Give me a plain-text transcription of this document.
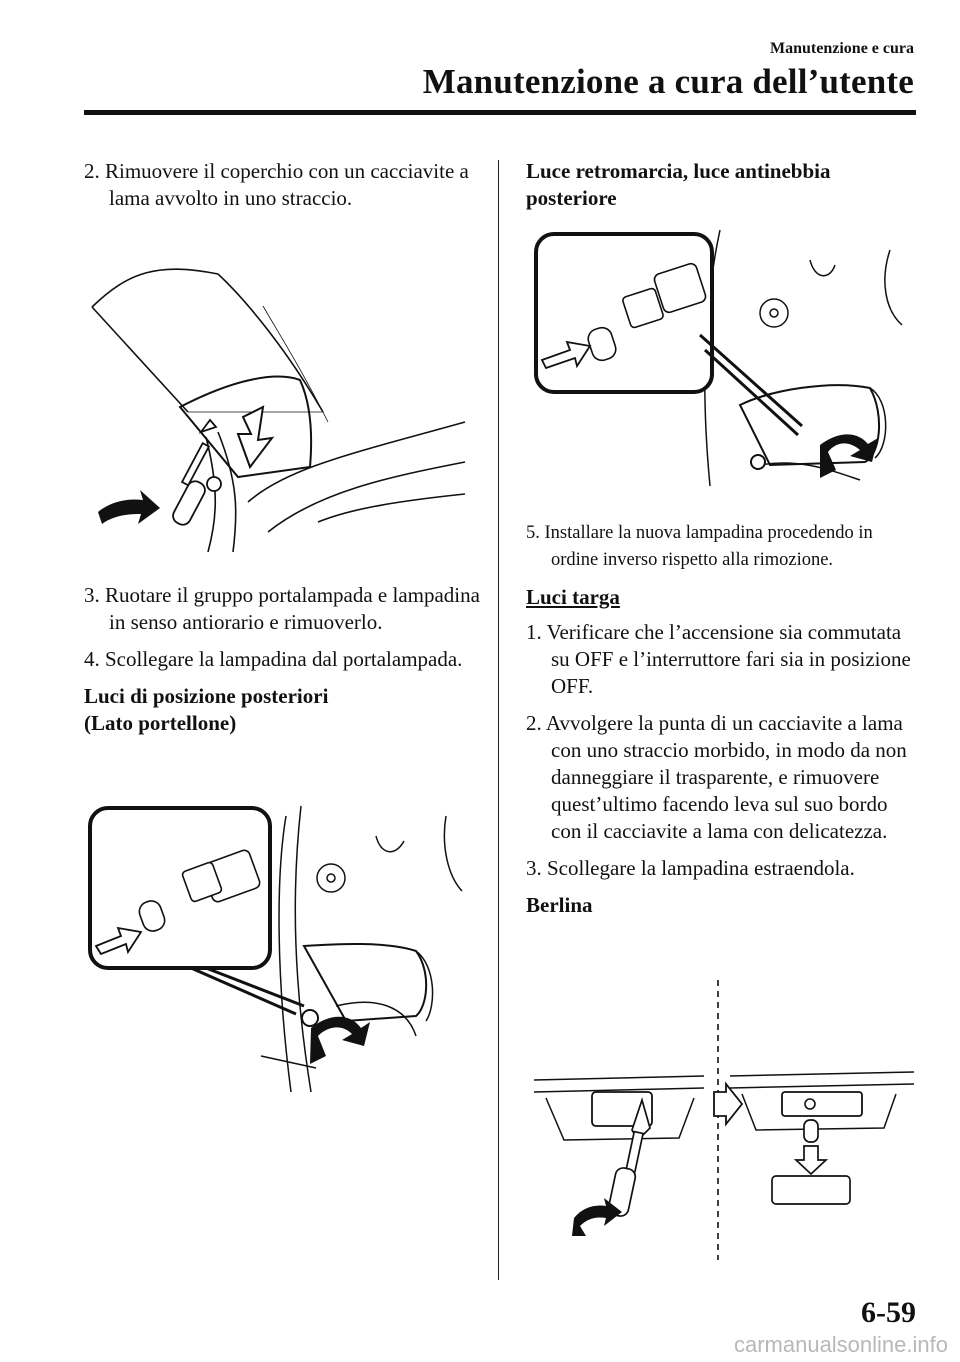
Manutenzione e cura
Manutenzione a cura dell’utente

2. Rimuovere il coperchio con un cacciavite a lama avvolto in uno straccio.

3. Ruotare il gruppo portalampada e lampadina in senso antiorario e rimuoverlo.

4. Scollegare la lampadina dal portalampada.

Luci di posizione posteriori

(Lato portellone)

Luce retromarcia, luce antinebbia

posteriore

5. Installare la nuova lampadina procedendo in ordine inverso rispetto alla rimozione.

Luci targa

1. Verificare che l’accensione sia commutata su OFF e l’interruttore fari sia in posizione OFF.

2. Avvolgere la punta di un cacciavite a lama con uno straccio morbido, in modo da non danneggiare il trasparente, e rimuovere quest’ultimo facendo leva sul suo bordo con il cacciavite a lama con delicatezza.

3. Scollegare la lampadina estraendola.

Berlina

6-59
carmanualsonline.info
